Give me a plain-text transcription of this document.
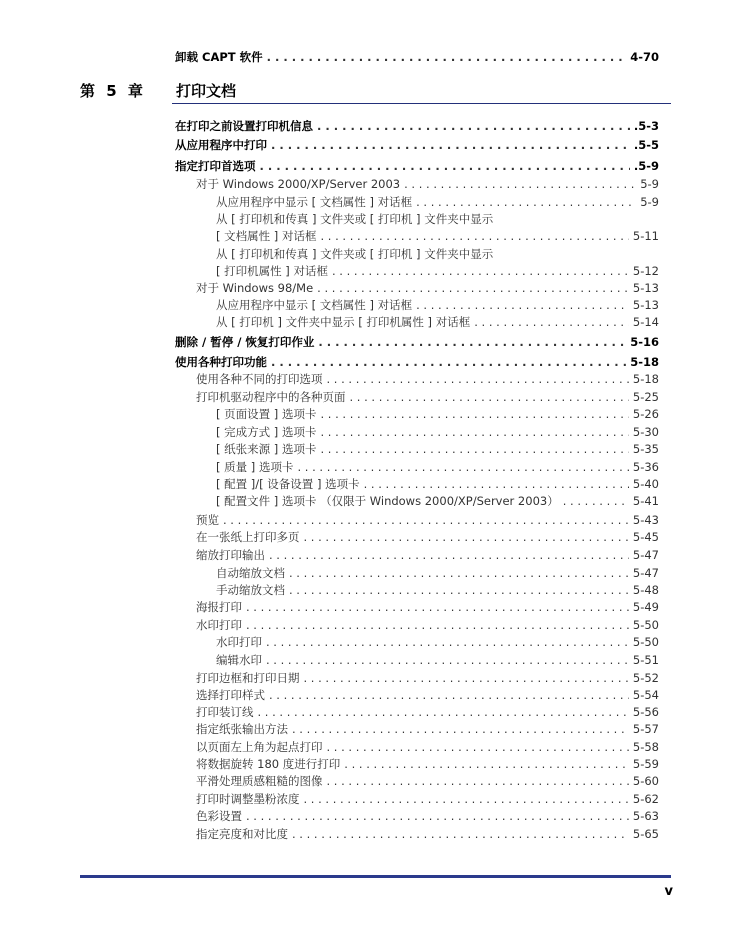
卸载 CAPT 软件 . . .	4-70
第 5 章 打印文档
在打印之前设置打印机信息 . . .	.5-3
从应用程序中打印 . . .	.5-5
指定打印首选项 . . .	.5-9
对于 Windows 2000/XP/Server 2003 . . .	5-9
从应用程序中显示 [ 文档属性 ] 对话框 . . .	5-9
从 [ 打印机和传真 ] 文件夹或 [ 打印机 ] 文件夹中显示
[ 文档属性 ] 对话框 . . .	5-11
从 [ 打印机和传真 ] 文件夹或 [ 打印机 ] 文件夹中显示
[ 打印机属性 ] 对话框 . . .	5-12
对于 Windows 98/Me . . .	5-13
从应用程序中显示 [ 文档属性 ] 对话框 . . .	5-13
从 [ 打印机 ] 文件夹中显示 [ 打印机属性 ] 对话框 . . .	5-14
删除 / 暂停 / 恢复打印作业 . . .	5-16
使用各种打印功能 . . .	5-18
使用各种不同的打印选项 . . .	5-18
打印机驱动程序中的各种页面 . . .	5-25
[ 页面设置 ] 选项卡 . . .	5-26
[ 完成方式 ] 选项卡 . . .	5-30
[ 纸张来源 ] 选项卡 . . .	5-35
[ 质量 ] 选项卡 . . .	5-36
[ 配置 ]/[ 设备设置 ] 选项卡 . . .	5-40
[ 配置文件 ] 选项卡 （仅限于 Windows 2000/XP/Server 2003） . . .	5-41
预览 . . .	5-43
在一张纸上打印多页 . . .	5-45
缩放打印输出 . . .	5-47
自动缩放文档 . . .	5-47
手动缩放文档 . . .	5-48
海报打印 . . .	5-49
水印打印 . . .	5-50
水印打印 . . .	5-50
编辑水印 . . .	5-51
打印边框和打印日期 . . .	5-52
选择打印样式 . . .	5-54
打印装订线 . . .	5-56
指定纸张输出方法 . . .	5-57
以页面左上角为起点打印 . . .	5-58
将数据旋转 180 度进行打印 . . .	5-59
平滑处理质感粗糙的图像 . . .	5-60
打印时调整墨粉浓度 . . .	5-62
色彩设置 . . .	5-63
指定亮度和对比度 . . .	5-65
v
